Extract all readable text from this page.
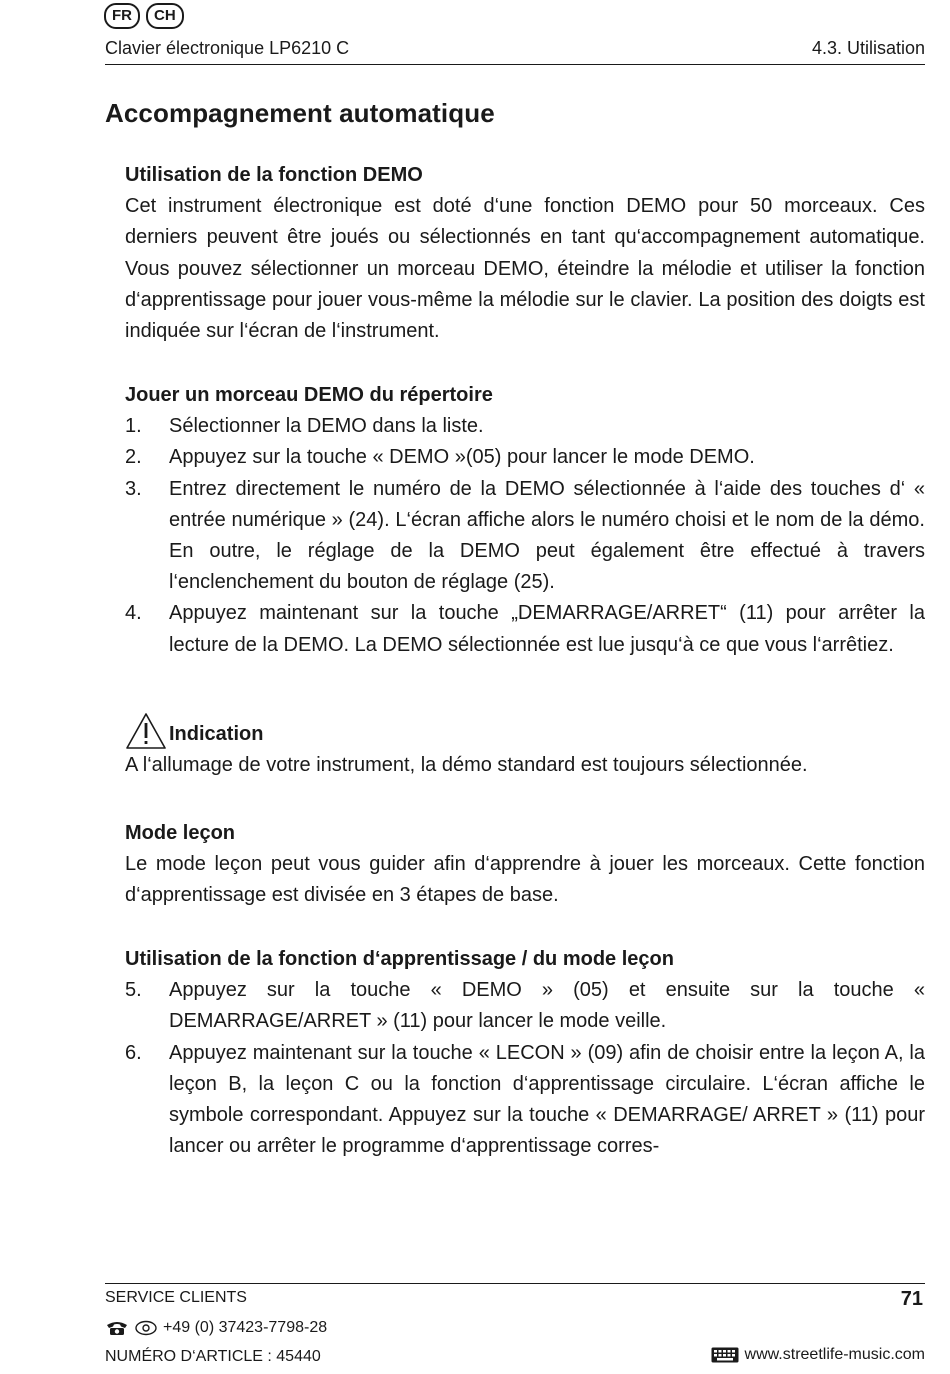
FR	CH
Clavier électronique LP6210 C	4.3. Utilisation
Accompagnement automatique

Utilisation de la fonction DEMO

Cet instrument électronique est doté d‘une fonction DEMO pour 50 morceaux. Ces derniers peuvent être joués ou sélectionnés en tant qu‘accompagnement automatique. Vous pouvez sélectionner un morceau DEMO, éteindre la mélodie et utiliser la fonction d‘apprentissage pour jouer vous-même la mélodie sur le clavier. La position des doigts est indiquée sur l‘écran de l‘instrument.

Jouer un morceau DEMO du répertoire

1.	Sélectionner la DEMO dans la liste.
2.	Appuyez sur la touche « DEMO »(05) pour lancer le mode DEMO.
3.	Entrez directement le numéro de la DEMO sélectionnée à l‘aide des touches d‘ « entrée numérique » (24). L‘écran affiche alors le numéro choisi et le nom de la démo. En outre, le réglage de la DEMO peut également être effectué à travers l‘enclenchement du bouton de réglage (25).
4.	Appuyez maintenant sur la touche „DEMARRAGE/ARRET“ (11) pour arrêter la lecture de la DEMO. La DEMO sélectionnée est lue jusqu‘à ce que vous l‘arrêtiez.

Indication

A l‘allumage de votre instrument, la démo standard est toujours sélectionnée.

Mode leçon

Le mode leçon peut vous guider afin d‘apprendre à jouer les morceaux. Cette fonction d‘apprentissage est divisée en 3 étapes de base.

Utilisation de la fonction d‘apprentissage / du mode leçon

5.	Appuyez sur la touche « DEMO » (05) et ensuite sur la touche « DEMARRAGE/ARRET » (11) pour lancer le mode veille.
6.	Appuyez maintenant sur la touche « LECON » (09) afin de choisir entre la leçon A, la leçon B, la leçon C ou la fonction d‘apprentissage circulaire. L‘écran affiche le symbole correspondant. Appuyez sur la touche « DEMARRAGE/ ARRET » (11) pour lancer ou arrêter le programme d‘apprentissage corres-
SERVICE CLIENTS	71
+49 (0) 37423-7798-28
NUMÉRO D‘ARTICLE : 45440	www.streetlife-music.com
